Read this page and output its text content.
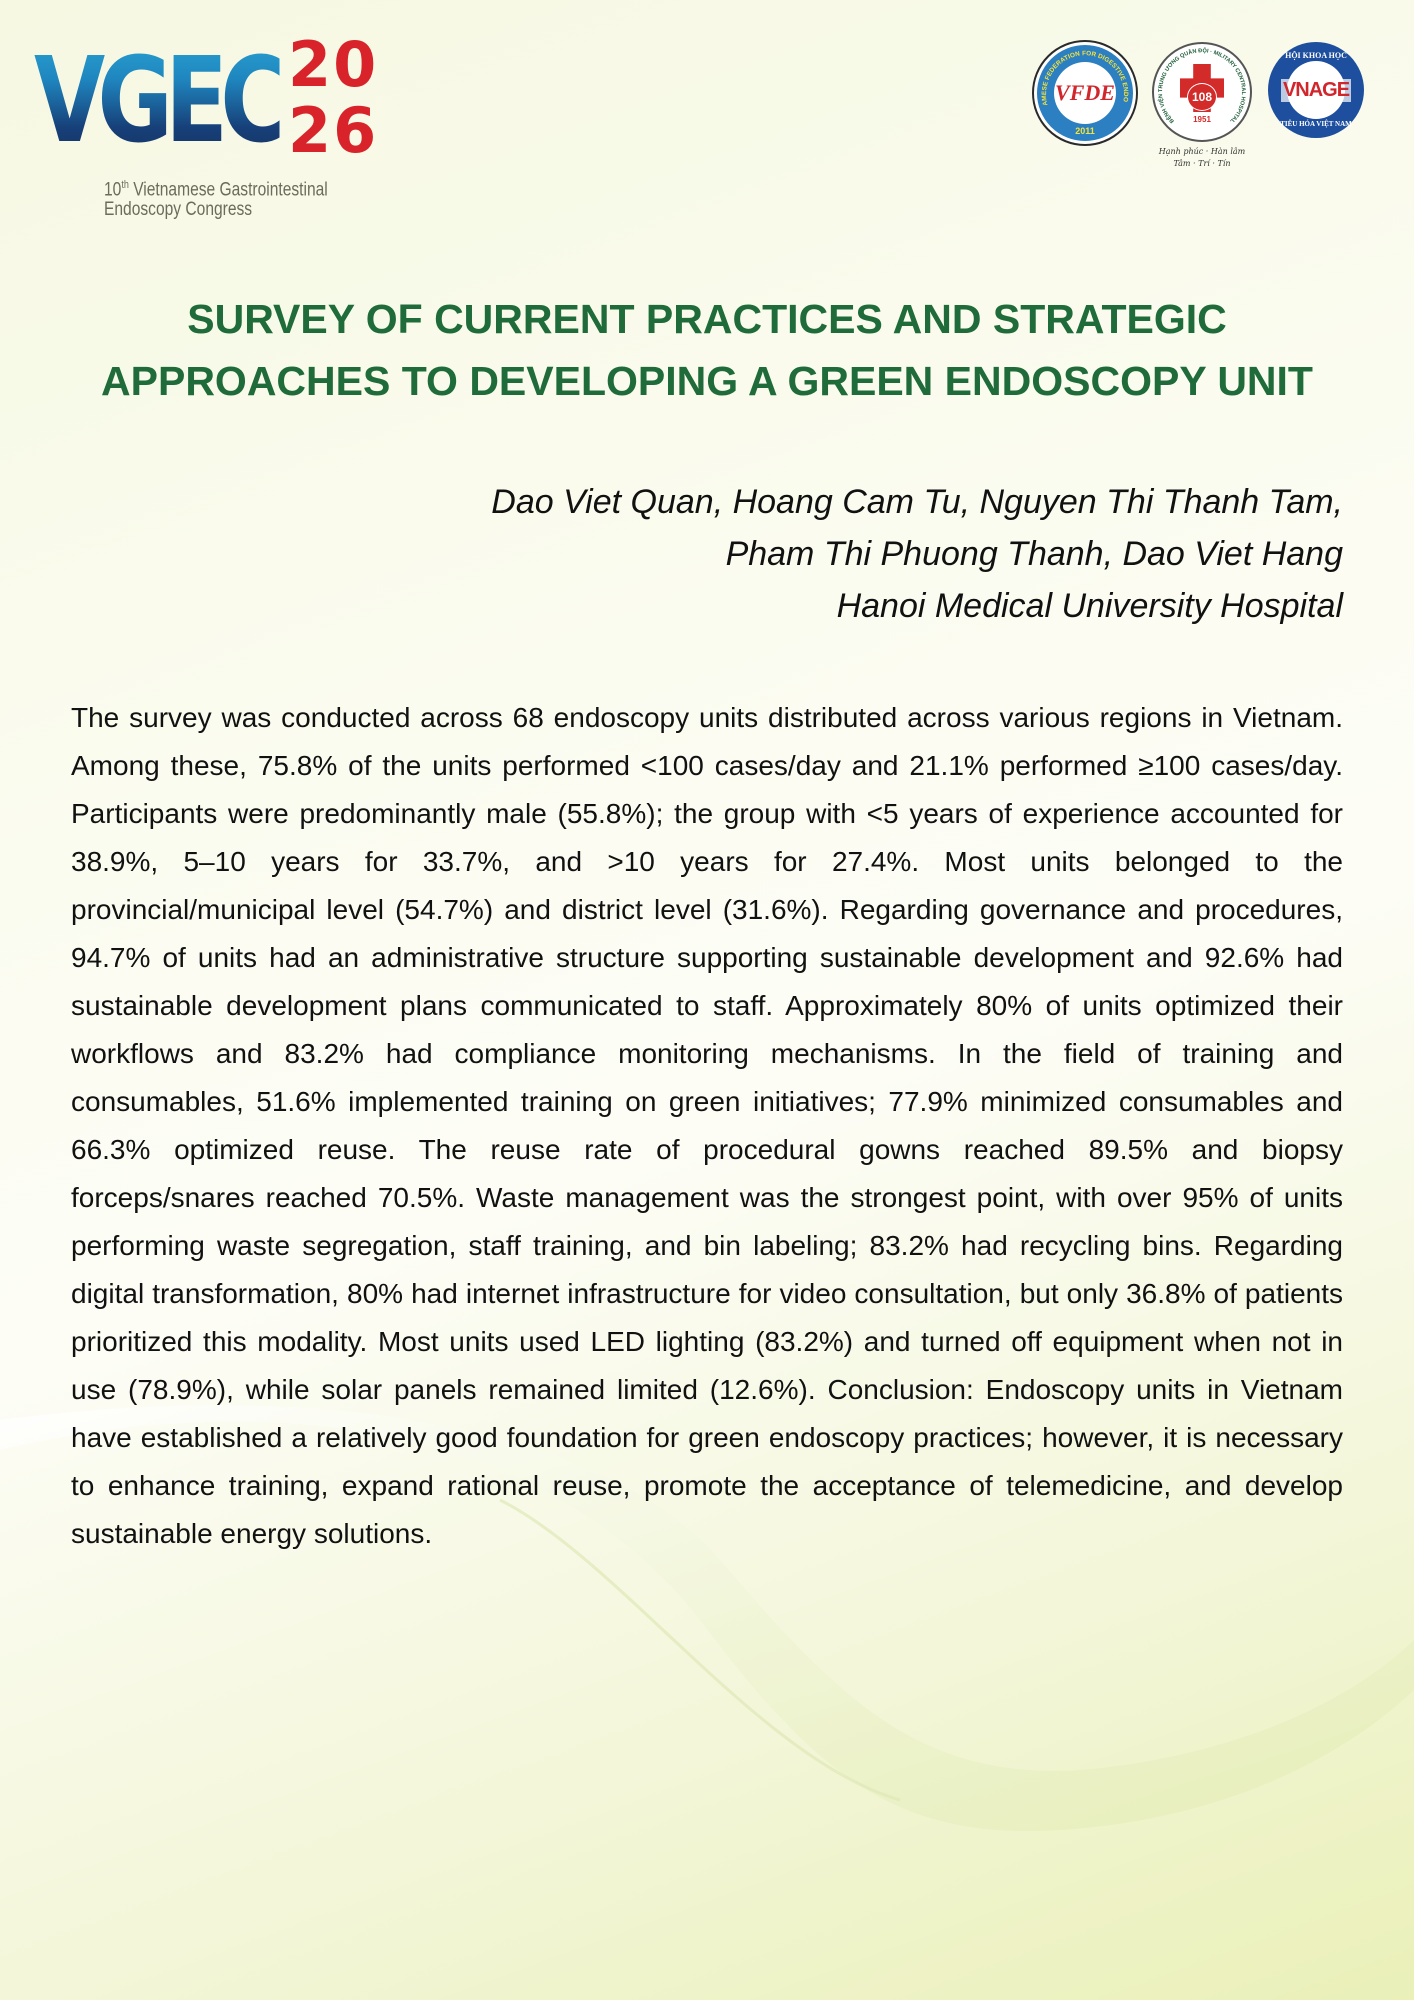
VGEC 20
26
10th Vietnamese Gastrointestinal
Endoscopy Congress
VIETNAMESE FEDERATION FOR DIGESTIVE ENDOSCOPY
VFDE
2011
BỆNH VIỆN TRUNG ƯƠNG QUÂN ĐỘI · MILITARY CENTRAL HOSPITAL
108
1951
Hạnh phúc · Hàn lâm
Tâm · Trí · Tín
HỘI KHOA HỌC
VNAGE
TIÊU HÓA VIỆT NAM
SURVEY OF CURRENT PRACTICES AND STRATEGIC
APPROACHES TO DEVELOPING A GREEN ENDOSCOPY UNIT
Dao Viet Quan, Hoang Cam Tu, Nguyen Thi Thanh Tam,
Pham Thi Phuong Thanh, Dao Viet Hang
Hanoi Medical University Hospital

The survey was conducted across 68 endoscopy units distributed across various regions in Vietnam. Among these, 75.8% of the units performed <100 cases/day and 21.1% performed ≥100 cases/day. Participants were predominantly male (55.8%); the group with <5 years of experience accounted for 38.9%, 5–10 years for 33.7%, and >10 years for 27.4%. Most units belonged to the provincial/municipal level (54.7%) and district level (31.6%). Regarding governance and procedures, 94.7% of units had an administrative structure supporting sustainable development and 92.6% had sustainable development plans communicated to staff. Approximately 80% of units optimized their workflows and 83.2% had compliance monitoring mechanisms. In the field of training and consumables, 51.6% implemented training on green initiatives; 77.9% minimized consumables and 66.3% optimized reuse. The reuse rate of procedural gowns reached 89.5% and biopsy forceps/snares reached 70.5%. Waste management was the strongest point, with over 95% of units performing waste segregation, staff training, and bin labeling; 83.2% had recycling bins. Regarding digital transformation, 80% had internet infrastructure for video consultation, but only 36.8% of patients prioritized this modality. Most units used LED lighting (83.2%) and turned off equipment when not in use (78.9%), while solar panels remained limited (12.6%). Conclusion: Endoscopy units in Vietnam have established a relatively good foundation for green endoscopy practices; however, it is necessary to enhance training, expand rational reuse, promote the acceptance of telemedicine, and develop sustainable energy solutions.
